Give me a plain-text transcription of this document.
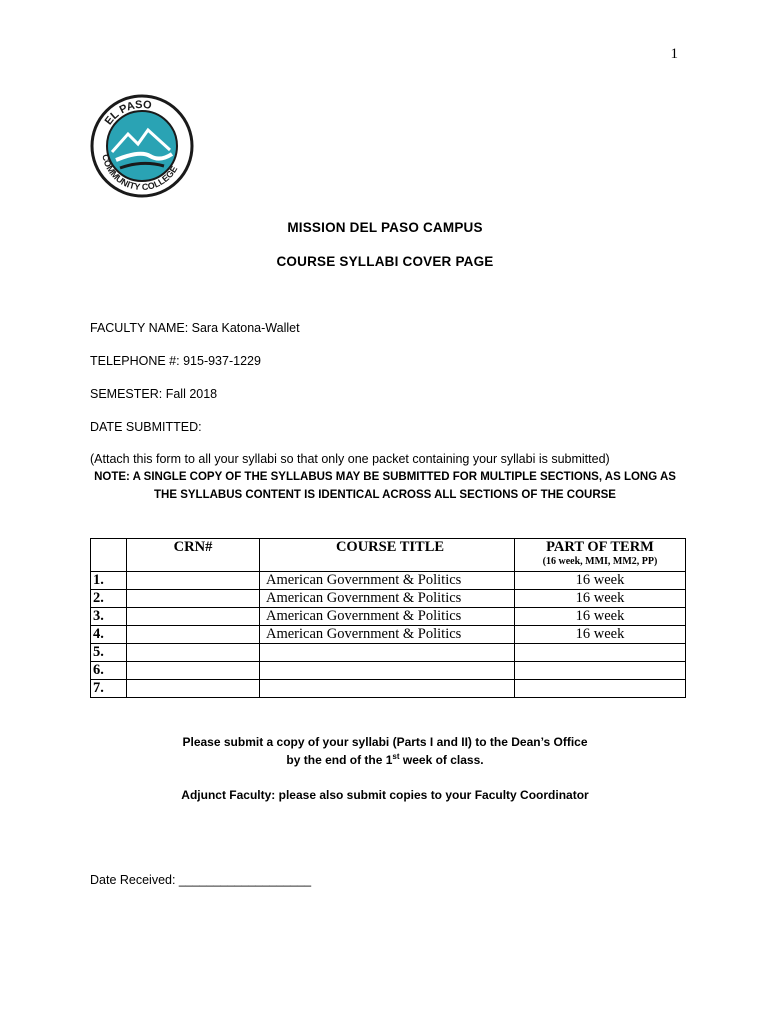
1
EL PASO
COMMUNITY COLLEGE
MISSION DEL PASO CAMPUS
COURSE SYLLABI COVER PAGE
FACULTY NAME: Sara Katona-Wallet
TELEPHONE #: 915-937-1229
SEMESTER: Fall 2018
DATE SUBMITTED:
(Attach this form to all your syllabi so that only one packet containing your syllabi is submitted)
NOTE: A SINGLE COPY OF THE SYLLABUS MAY BE SUBMITTED FOR MULTIPLE SECTIONS, AS LONG AS
THE SYLLABUS CONTENT IS IDENTICAL ACROSS ALL SECTIONS OF THE COURSE
	CRN#	COURSE TITLE	PART OF TERM
(16 week, MMI, MM2, PP)

1.		American Government & Politics	16 week
2.		American Government & Politics	16 week
3.		American Government & Politics	16 week
4.		American Government & Politics	16 week
5.			
6.			
7.			
Please submit a copy of your syllabi (Parts I and II) to the Dean’s Office
by the end of the 1st week of class.
Adjunct Faculty: please also submit copies to your Faculty Coordinator
Date Received: ___________________
